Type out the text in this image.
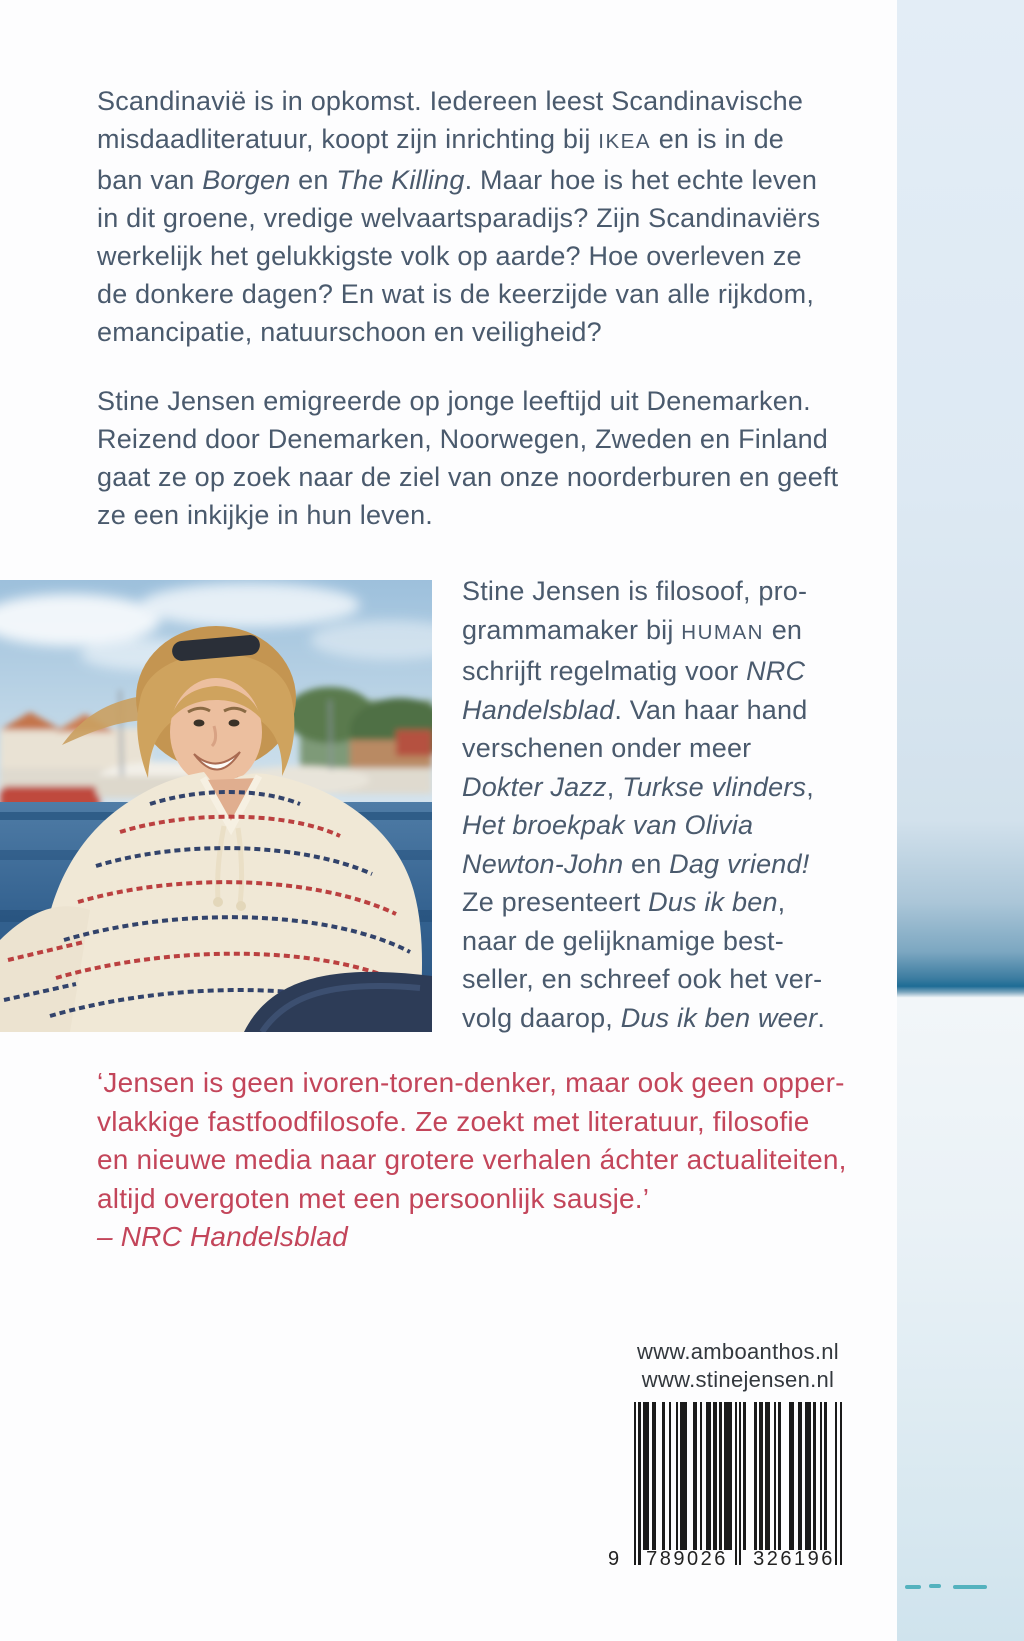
Scandinavië is in opkomst. Iedereen leest Scandinavische
misdaadliteratuur, koopt zijn inrichting bij IKEA en is in de
ban van Borgen en The Killing. Maar hoe is het echte leven
in dit groene, vredige welvaartsparadijs? Zijn Scandinaviërs
werkelijk het gelukkigste volk op aarde? Hoe overleven ze
de donkere dagen? En wat is de keerzijde van alle rijkdom,
emancipatie, natuurschoon en veiligheid?
Stine Jensen emigreerde op jonge leeftijd uit Denemarken.
Reizend door Denemarken, Noorwegen, Zweden en Finland
gaat ze op zoek naar de ziel van onze noorderburen en geeft
ze een inkijkje in hun leven.
Stine Jensen is filosoof, pro-
grammamaker bij HUMAN en
schrijft regelmatig voor NRC
Handelsblad. Van haar hand
verschenen onder meer
Dokter Jazz, Turkse vlinders,
Het broekpak van Olivia
Newton-John en Dag vriend!
Ze presenteert Dus ik ben,
naar de gelijknamige best-
seller, en schreef ook het ver-
volg daarop, Dus ik ben weer.
‘Jensen is geen ivoren-toren-denker, maar ook geen opper-
vlakkige fastfoodfilosofe. Ze zoekt met literatuur, filosofie
en nieuwe media naar grotere verhalen áchter actualiteiten,
altijd overgoten met een persoonlijk sausje.’
– NRC Handelsblad
www.amboanthos.nl
www.stinejensen.nl
9	789026	326196
